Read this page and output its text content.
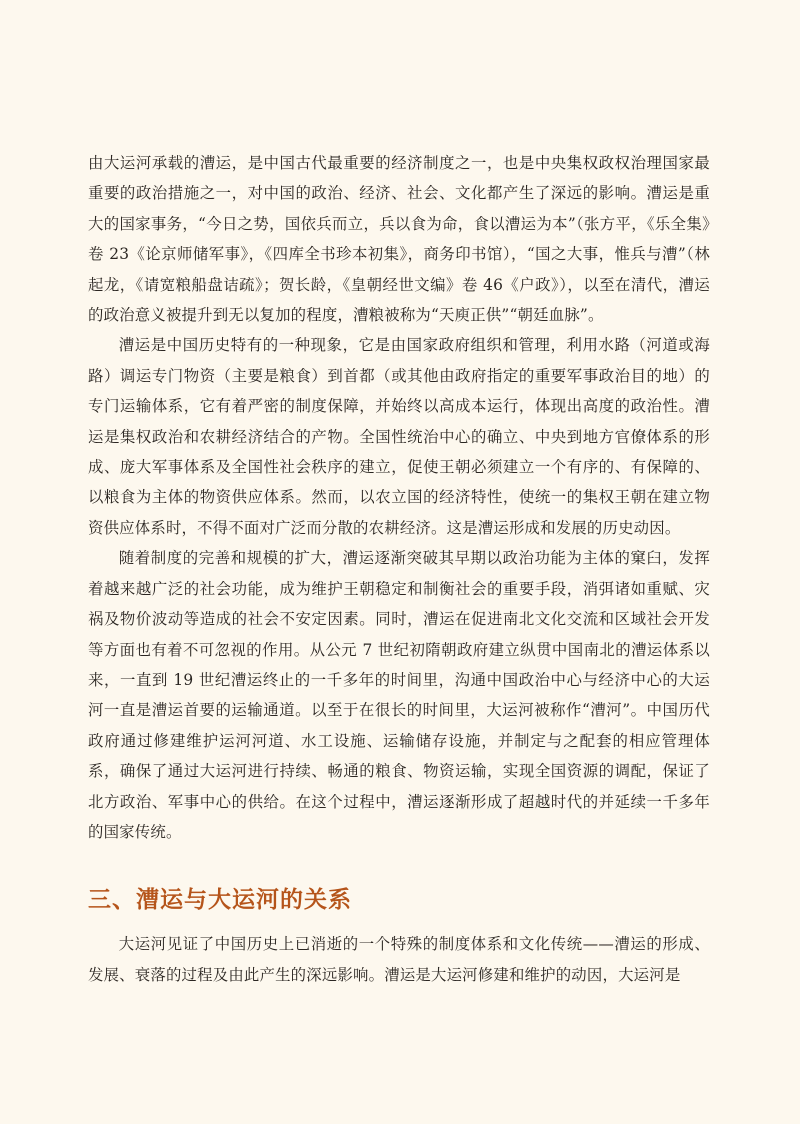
由大运河承载的漕运，是中国古代最重要的经济制度之一，也是中央集权政权治理国家最重要的政治措施之一，对中国的政治、经济、社会、文化都产生了深远的影响。漕运是重大的国家事务，“今日之势，国依兵而立，兵以食为命，食以漕运为本”（张方平，《乐全集》卷 23《论京师储军事》，《四库全书珍本初集》，商务印书馆），“国之大事，惟兵与漕”（林起龙，《请宽粮船盘诘疏》；贺长龄，《皇朝经世文编》卷 46《户政》），以至在清代，漕运的政治意义被提升到无以复加的程度，漕粮被称为“天庾正供”“朝廷血脉”。

漕运是中国历史特有的一种现象，它是由国家政府组织和管理，利用水路（河道或海路）调运专门物资（主要是粮食）到首都（或其他由政府指定的重要军事政治目的地）的专门运输体系，它有着严密的制度保障，并始终以高成本运行，体现出高度的政治性。漕运是集权政治和农耕经济结合的产物。全国性统治中心的确立、中央到地方官僚体系的形成、庞大军事体系及全国性社会秩序的建立，促使王朝必须建立一个有序的、有保障的、以粮食为主体的物资供应体系。然而，以农立国的经济特性，使统一的集权王朝在建立物资供应体系时，不得不面对广泛而分散的农耕经济。这是漕运形成和发展的历史动因。

随着制度的完善和规模的扩大，漕运逐渐突破其早期以政治功能为主体的窠臼，发挥着越来越广泛的社会功能，成为维护王朝稳定和制衡社会的重要手段，消弭诸如重赋、灾祸及物价波动等造成的社会不安定因素。同时，漕运在促进南北文化交流和区域社会开发等方面也有着不可忽视的作用。从公元 7 世纪初隋朝政府建立纵贯中国南北的漕运体系以来，一直到 19 世纪漕运终止的一千多年的时间里，沟通中国政治中心与经济中心的大运河一直是漕运首要的运输通道。以至于在很长的时间里，大运河被称作“漕河”。中国历代政府通过修建维护运河河道、水工设施、运输储存设施，并制定与之配套的相应管理体系，确保了通过大运河进行持续、畅通的粮食、物资运输，实现全国资源的调配，保证了北方政治、军事中心的供给。在这个过程中，漕运逐渐形成了超越时代的并延续一千多年的国家传统。

三、漕运与大运河的关系

大运河见证了中国历史上已消逝的一个特殊的制度体系和文化传统——漕运的形成、发展、衰落的过程及由此产生的深远影响。漕运是大运河修建和维护的动因，大运河是
